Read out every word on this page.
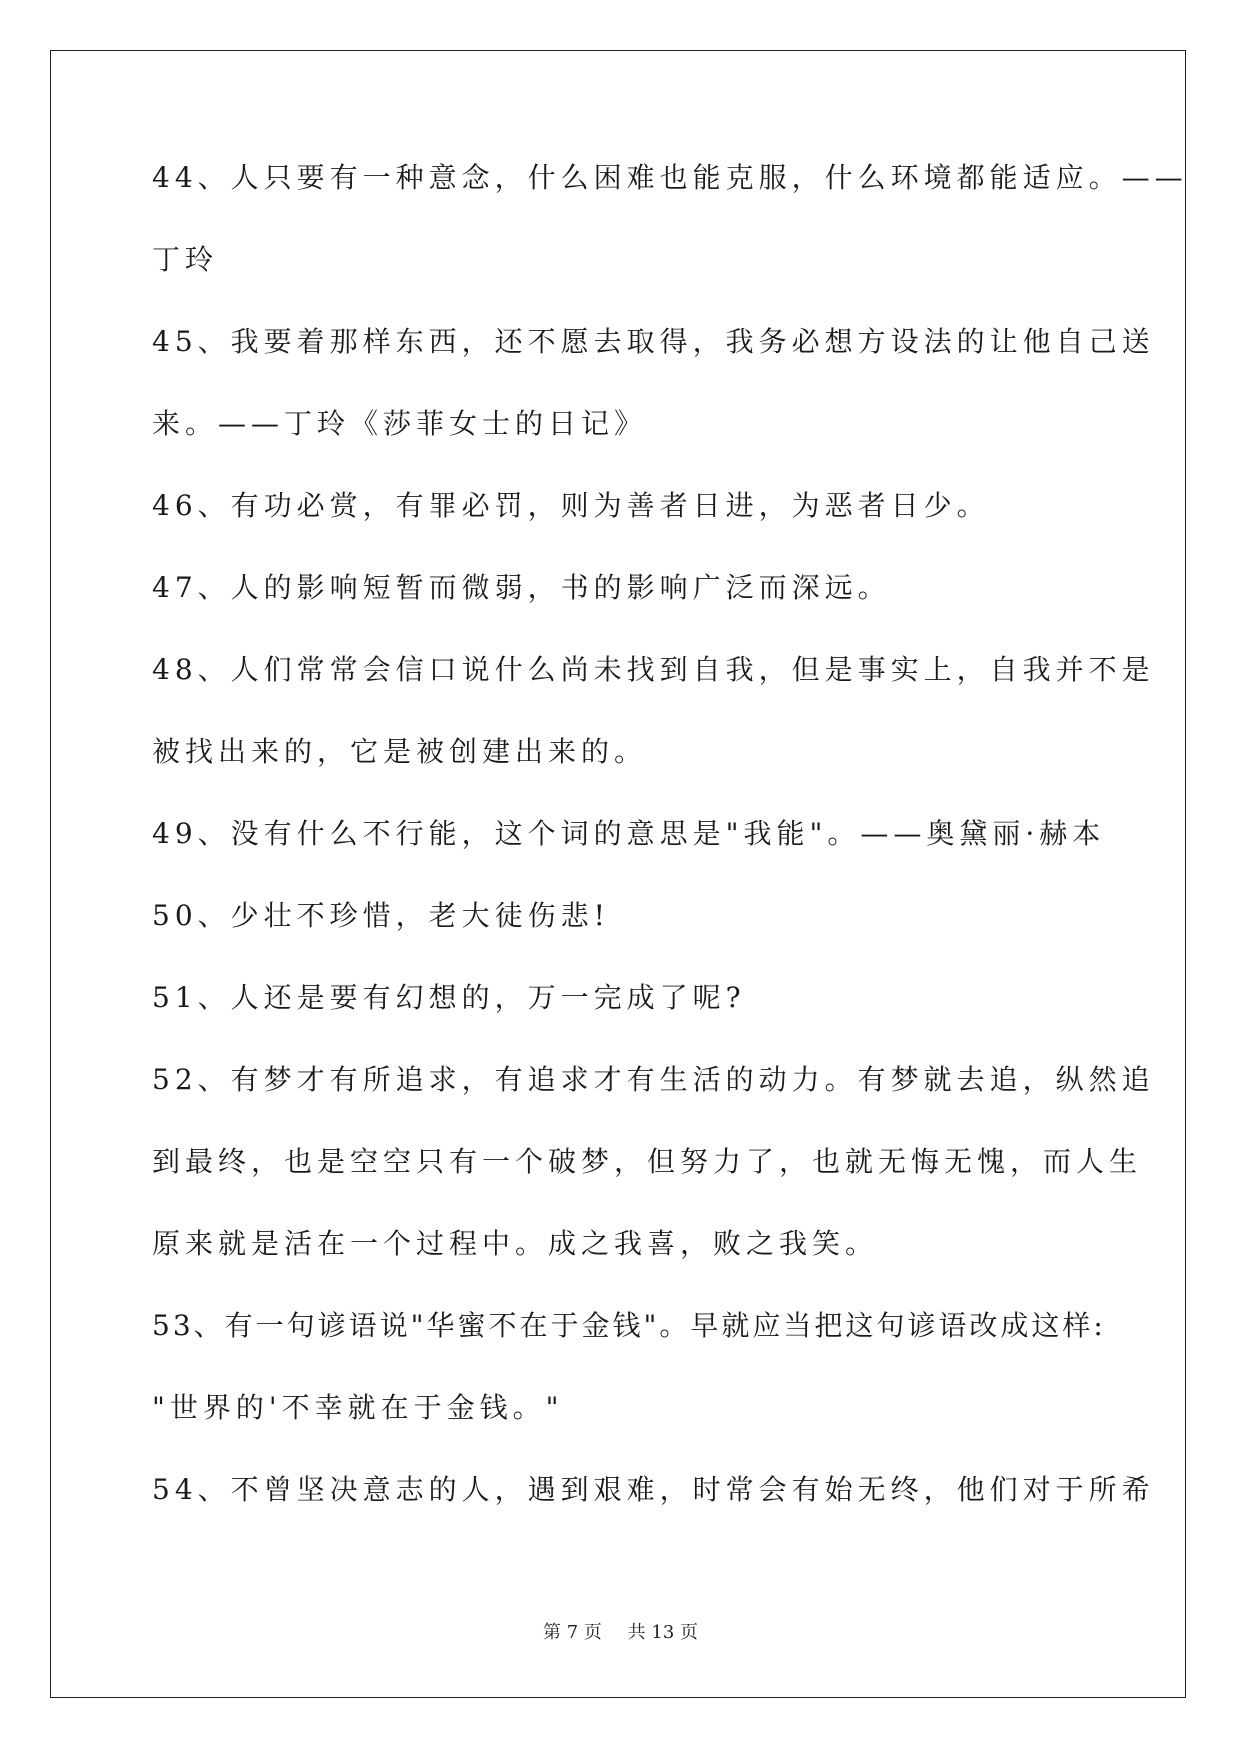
44、人只要有一种意念，什么困难也能克服，什么环境都能适应。——
丁玲
45、我要着那样东西，还不愿去取得，我务必想方设法的让他自己送
来。——丁玲《莎菲女士的日记》
46、有功必赏，有罪必罚，则为善者日进，为恶者日少。
47、人的影响短暂而微弱，书的影响广泛而深远。
48、人们常常会信口说什么尚未找到自我，但是事实上，自我并不是
被找出来的，它是被创建出来的。
49、没有什么不行能，这个词的意思是"我能"。——奥黛丽·赫本
50、少壮不珍惜，老大徒伤悲!
51、人还是要有幻想的，万一完成了呢?
52、有梦才有所追求，有追求才有生活的动力。有梦就去追，纵然追
到最终，也是空空只有一个破梦，但努力了，也就无悔无愧，而人生
原来就是活在一个过程中。成之我喜，败之我笑。
53、有一句谚语说"华蜜不在于金钱"。早就应当把这句谚语改成这样:
"世界的'不幸就在于金钱。"
54、不曾坚决意志的人，遇到艰难，时常会有始无终，他们对于所希
第 7 页 共 13 页
